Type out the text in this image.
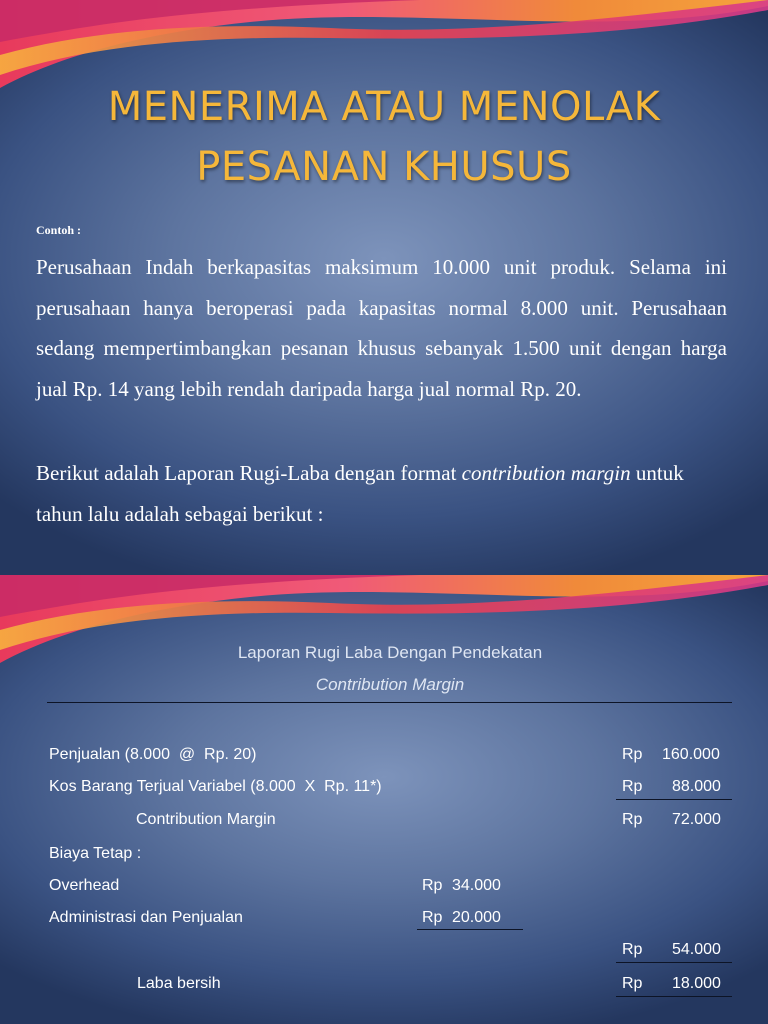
MENERIMA ATAU MENOLAK
PESANAN KHUSUS
Contoh :
Perusahaan Indah berkapasitas maksimum 10.000 unit produk. Selama ini perusahaan hanya beroperasi pada kapasitas normal 8.000 unit. Perusahaan sedang mempertimbangkan pesanan khusus sebanyak 1.500 unit dengan harga jual Rp. 14 yang lebih rendah daripada harga jual normal Rp. 20.
Berikut adalah Laporan Rugi-Laba dengan format contribution margin untuk tahun lalu adalah sebagai berikut :
Laporan Rugi Laba Dengan Pendekatan
Contribution Margin
Penjualan (8.000  @  Rp. 20)	Rp 160.000
Kos Barang Terjual Variabel (8.000  X  Rp. 11*)	Rp 88.000
Contribution Margin	Rp 72.000
Biaya Tetap :
Overhead	Rp 34.000
Administrasi dan Penjualan	Rp 20.000
Rp 54.000
Laba bersih	Rp 18.000
